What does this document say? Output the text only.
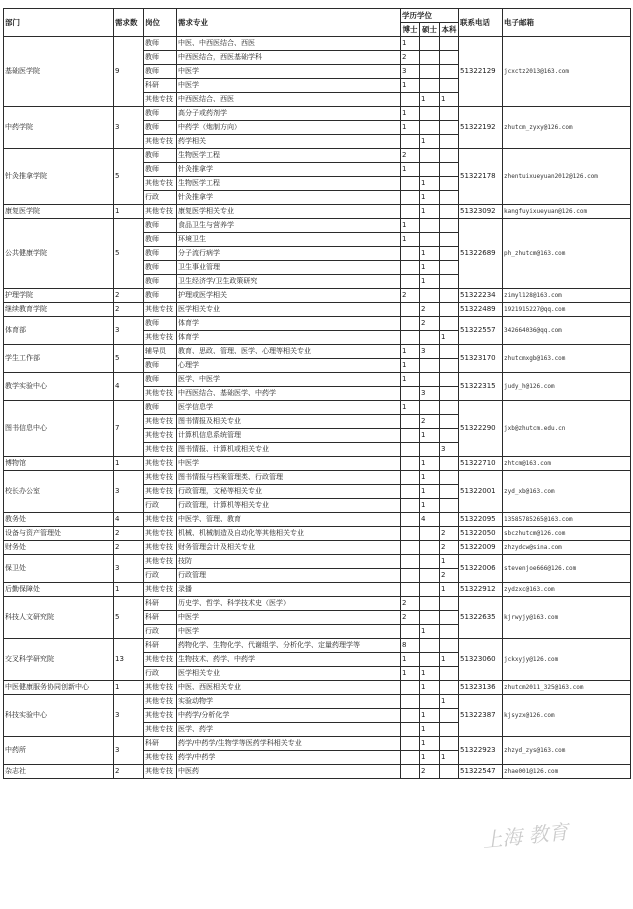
部门	需求数	岗位	需求专业	学历学位			联系电话	电子邮箱
				博士	硕士	本科		
基础医学院	9	教师	中医、中西医结合、西医	1			51322129	jcxctz2013@163.com
		教师	中西医结合，西医基础学科	2				
		教师	中医学	3				
		科研	中医学	1				
		其他专技	中西医结合、西医		1	1		
中药学院	3	教师	高分子或药剂学	1			51322192	zhutcm_zyxy@126.com
		教师	中药学（炮制方向）	1				
		其他专技	药学相关		1			
针灸推拿学院	5	教师	生物医学工程	2			51322178	zhentuixueyuan2012@126.com
		教师	针灸推拿学	1				
		其他专技	生物医学工程		1			
		行政	针灸推拿学		1			
康复医学院	1	其他专技	康复医学相关专业		1		51323092	kangfuyixueyuan@126.com
公共健康学院	5	教师	食品卫生与营养学	1			51322689	ph_zhutcm@163.com
		教师	环境卫生	1				
		教师	分子流行病学		1			
		教师	卫生事业管理		1			
		教师	卫生经济学/卫生政策研究		1			
护理学院	2	教师	护理或医学相关	2			51322234	zimyl128@163.com
继续教育学院	2	其他专技	医学相关专业		2		51322489	1921915227@qq.com
体育部	3	教师	体育学		2		51322557	342664036@qq.com
		其他专技	体育学			1		
学生工作部	5	辅导员	教育、思政、管理、医学、心理等相关专业	1	3		51323170	zhutcmxgb@163.com
		教师	心理学	1				
教学实验中心	4	教师	医学、中医学	1			51322315	judy_h@126.com
		其他专技	中西医结合、基础医学、中药学		3			
图书信息中心	7	教师	医学信息学	1			51322290	jxb@zhutcm.edu.cn
		其他专技	图书情报及相关专业		2			
		其他专技	计算机信息系统管理		1			
		其他专技	图书情报、计算机或相关专业			3		
博物馆	1	其他专技	中医学		1		51322710	zhtcm@163.com
校长办公室	3	其他专技	图书情报与档案管理类、行政管理		1		51322001	zyd_xb@163.com
		其他专技	行政管理，文秘等相关专业		1			
		行政	行政管理，计算机等相关专业		1			
教务处	4	其他专技	中医学、管理、教育		4		51322095	13585785265@163.com
设备与资产管理处	2	其他专技	机械、机械制造及自动化等其他相关专业			2	51322050	sbczhutcm@126.com
财务处	2	其他专技	财务管理会计及相关专业			2	51322009	zhzydcw@sina.com
保卫处	3	其他专技	技防			1	51322006	stevenjoe666@126.com
		行政	行政管理			2		
后勤保障处	1	其他专技	录播			1	51322912	zydzxc@163.com
科技人文研究院	5	科研	历史学、哲学、科学技术史（医学）	2			51322635	kjrwyjy@163.com
		科研	中医学	2				
		行政	中医学		1			
交叉科学研究院	13	科研	药物化学、生物化学、代谢组学、分析化学、定量药理学等	8			51323060	jckxyjy@126.com
		其他专技	生物技术、药学、中药学	1		1		
		行政	医学相关专业	1	1			
中医健康服务协同创新中心	1	其他专技	中医、西医相关专业		1		51323136	zhutcm2011_325@163.com
科技实验中心	3	其他专技	实验动物学			1	51322387	kjsyzx@126.com
		其他专技	中药学/分析化学		1			
		其他专技	医学、药学		1			
中药所	3	科研	药学/中药学/生物学等医药学科相关专业		1		51322923	zhzyd_zys@163.com
		其他专技	药学/中药学		1	1		
杂志社	2	其他专技	中医药		2		51322547	zhae001@126.com
上海 教育
